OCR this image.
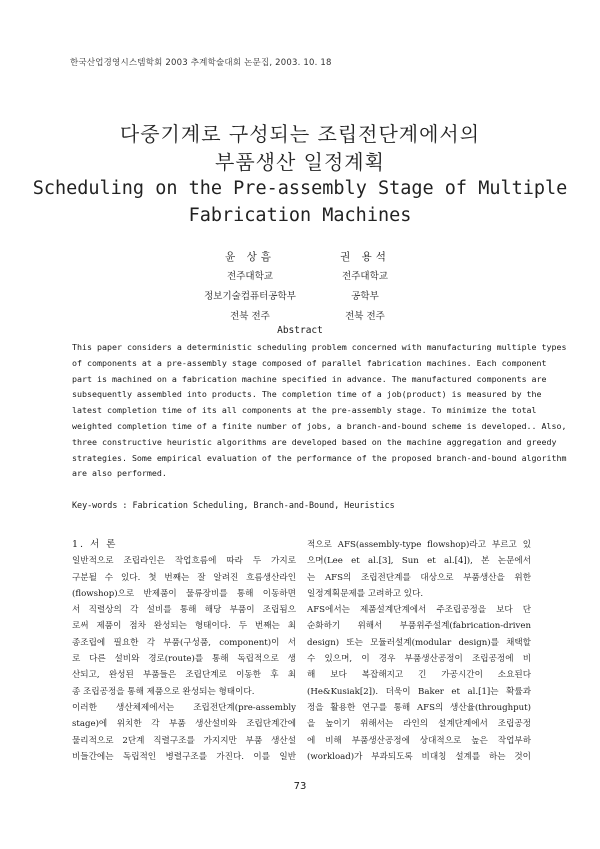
한국산업경영시스템학회 2003 추계학술대회 논문집, 2003. 10. 18
다중기계로 구성되는 조립전단계에서의
부품생산 일정계획
Scheduling on the Pre-assembly Stage of Multiple
Fabrication Machines
윤 상흠
전주대학교
정보기술컴퓨터공학부
전북 전주
권 용석
전주대학교
공학부
전북 전주
Abstract
This paper considers a deterministic scheduling problem concerned with manufacturing multiple types
of components at a pre-assembly stage composed of parallel fabrication machines. Each component
part is machined on a fabrication machine specified in advance. The manufactured components are
subsequently assembled into products. The completion time of a job(product) is measured by the
latest completion time of its all components at the pre-assembly stage. To minimize the total
weighted completion time of a finite number of jobs, a branch-and-bound scheme is developed.. Also,
three constructive heuristic algorithms are developed based on the machine aggregation and greedy
strategies. Some empirical evaluation of the performance of the proposed branch-and-bound algorithm
are also performed.
Key-words : Fabrication Scheduling, Branch-and-Bound, Heuristics
1. 서 론
일반적으로 조립라인은 작업흐름에 따라 두 가지로
구분될 수 있다. 첫 번째는 잘 알려진 흐름생산라인
(flowshop)으로 반제품이 물류장비를 통해 이동하면
서 직렬상의 각 설비를 통해 해당 부품이 조립됨으
로써 제품이 점차 완성되는 형태이다. 두 번째는 최
종조립에 필요한 각 부품(구성품, component)이 서
로 다른 설비와 경로(route)를 통해 독립적으로 생
산되고, 완성된 부품들은 조립단계로 이동한 후 최
종 조립공정을 통해 제품으로 완성되는 형태이다.
이러한 생산체제에서는 조립전단계(pre-assembly
stage)에 위치한 각 부품 생산설비와 조립단계간에
물리적으로 2단계 직렬구조를 가지지만 부품 생산설
비들간에는 독립적인 병렬구조를 가진다. 이를 일반
적으로 AFS(assembly-type flowshop)라고 부르고 있
으며(Lee et al.[3], Sun et al.[4]), 본 논문에서
는 AFS의 조립전단계를 대상으로 부품생산을 위한
일정계획문제를 고려하고 있다.
AFS에서는 제품설계단계에서 주조립공정을 보다 단
순화하기 위해서 부품위주설계(fabrication-driven
design) 또는 모듈러설계(modular design)를 채택할
수 있으며, 이 경우 부품생산공정이 조립공정에 비
해 보다 복잡해지고 긴 가공시간이 소요된다
(He&Kusiak[2]). 더욱이 Baker et al.[1]는 확률과
정을 활용한 연구를 통해 AFS의 생산율(throughput)
을 높이기 위해서는 라인의 설계단계에서 조립공정
에 비해 부품생산공정에 상대적으로 높은 작업부하
(workload)가 부과되도록 비대칭 설계를 하는 것이
73
